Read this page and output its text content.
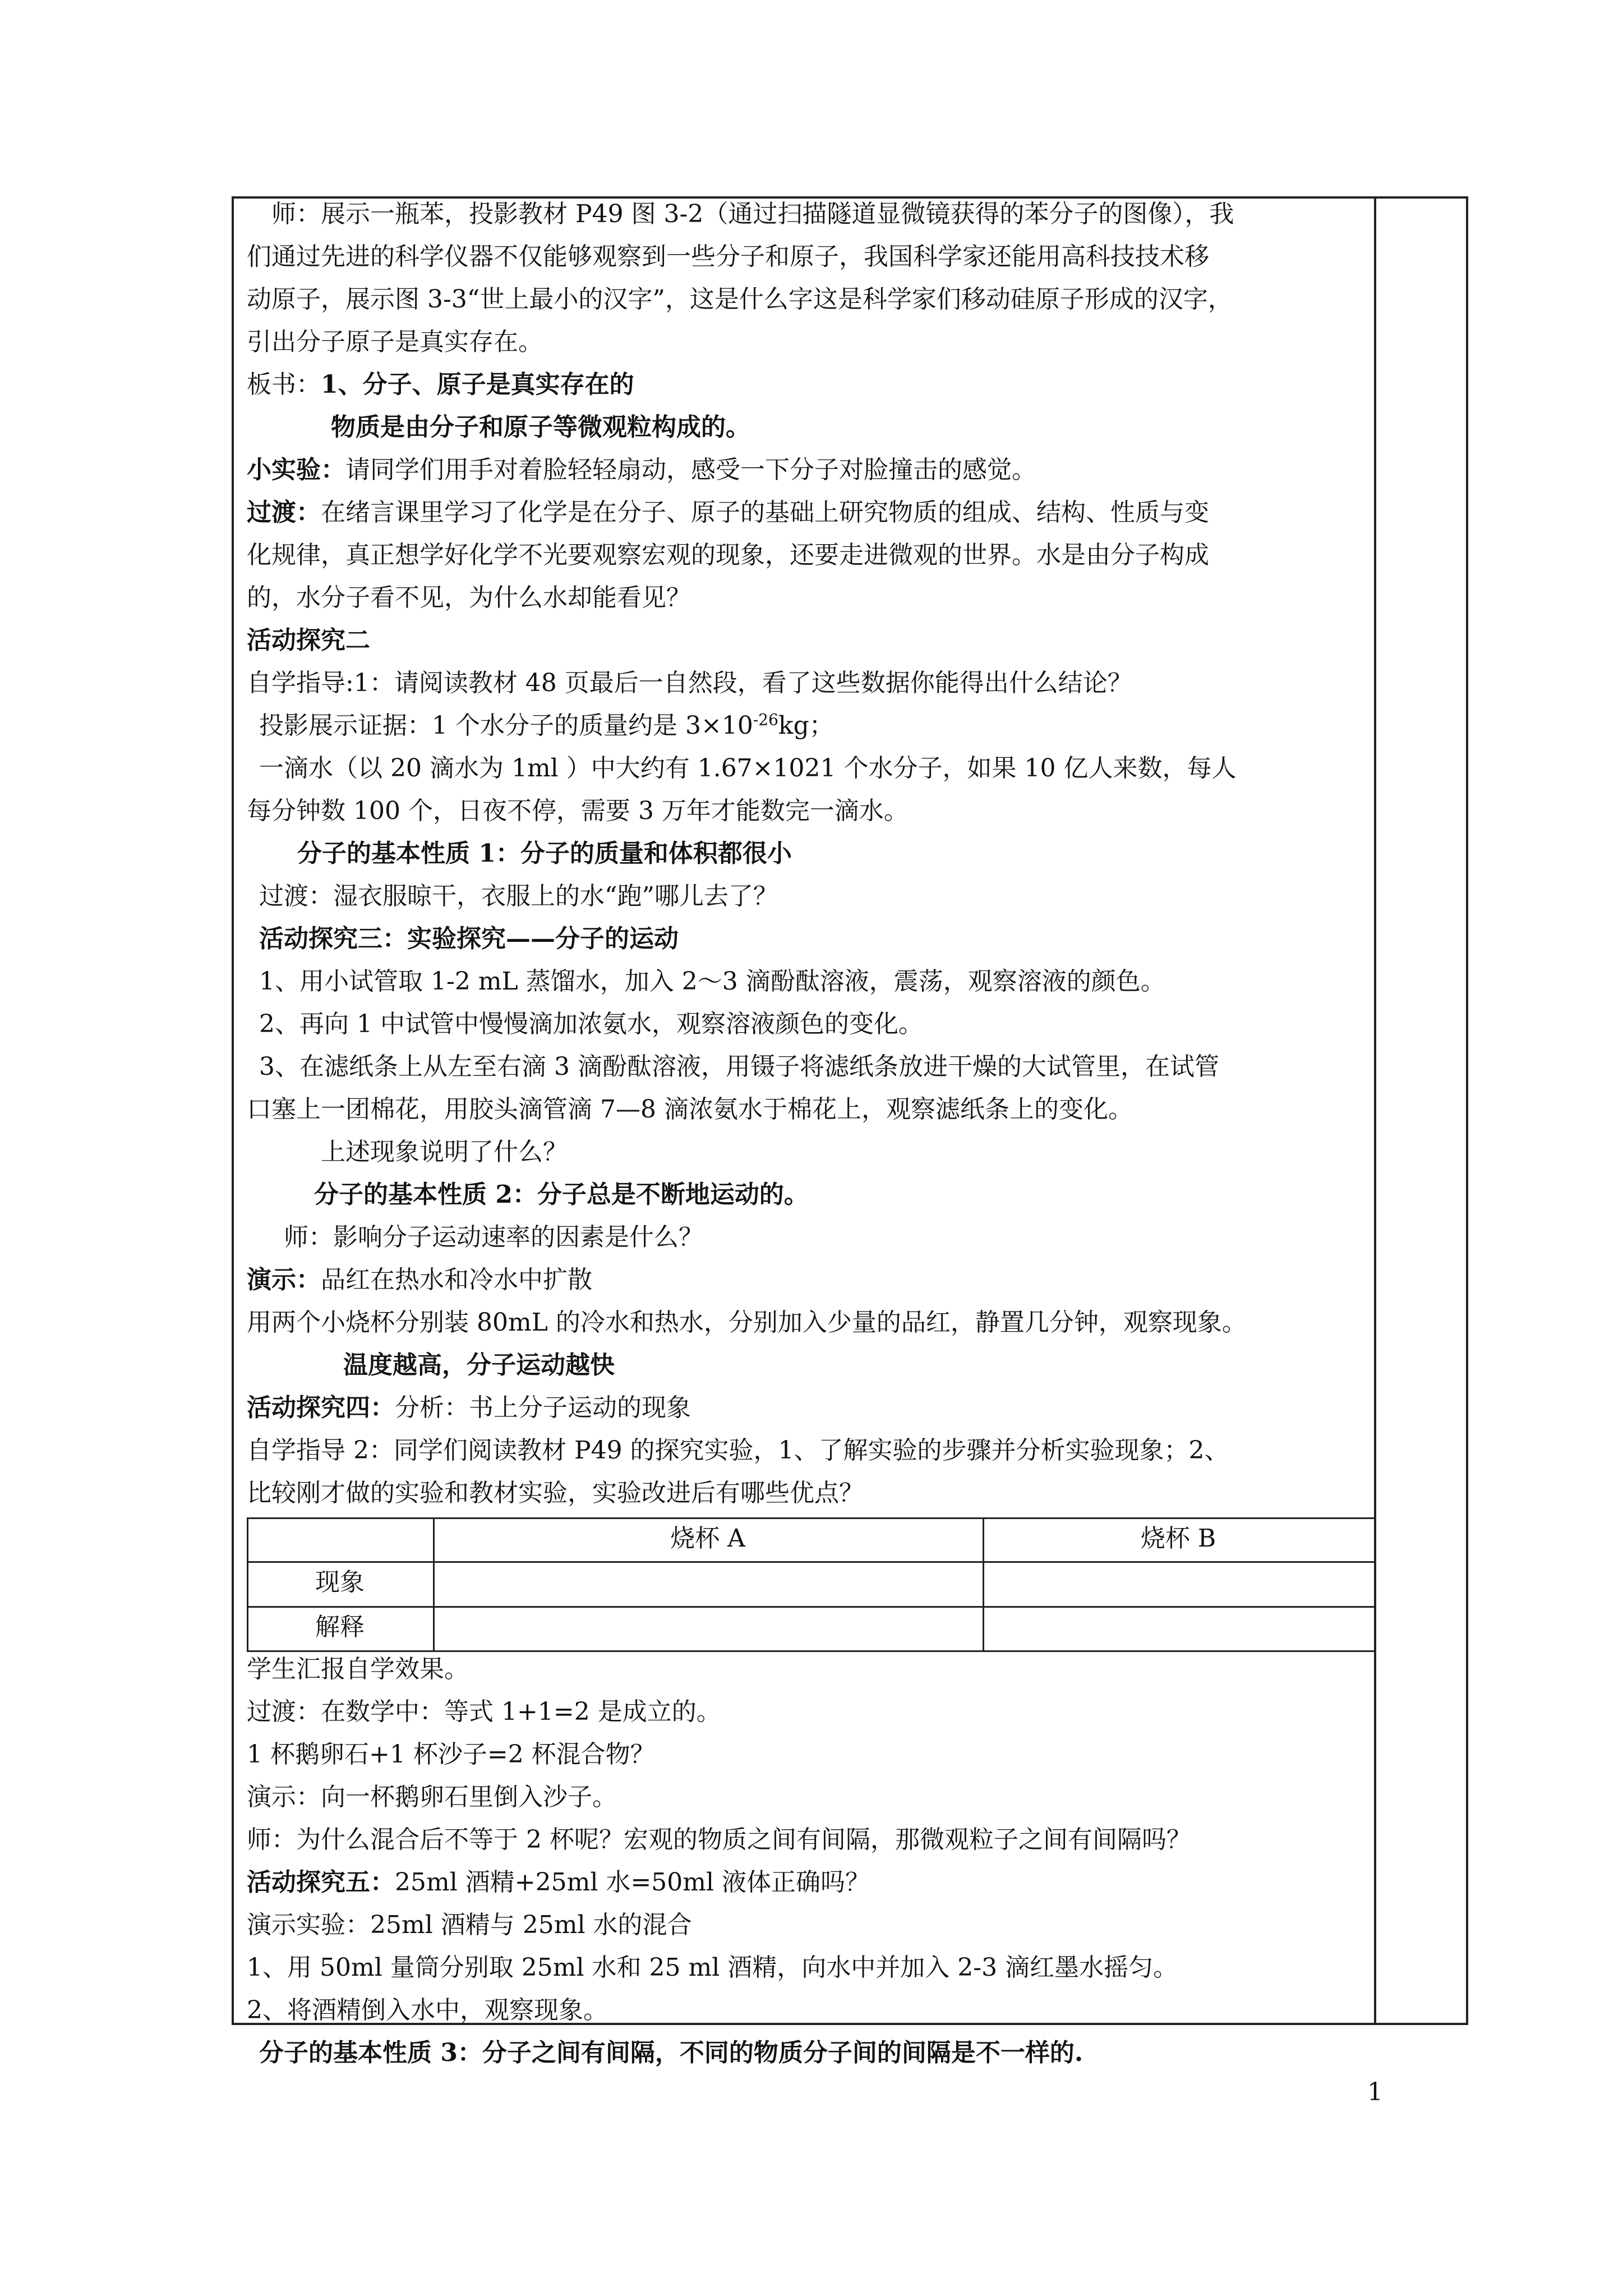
　师：展示一瓶苯，投影教材 P49 图 3-2（通过扫描隧道显微镜获得的苯分子的图像），我
们通过先进的科学仪器不仅能够观察到一些分子和原子，我国科学家还能用高科技技术移
动原子，展示图 3-3“世上最小的汉字”，这是什么字这是科学家们移动硅原子形成的汉字，
引出分子原子是真实存在。
板书：1、分子、原子是真实存在的
物质是由分子和原子等微观粒构成的。
小实验：请同学们用手对着脸轻轻扇动，感受一下分子对脸撞击的感觉。
过渡：在绪言课里学习了化学是在分子、原子的基础上研究物质的组成、结构、性质与变
化规律，真正想学好化学不光要观察宏观的现象，还要走进微观的世界。水是由分子构成
的，水分子看不见，为什么水却能看见？
活动探究二
自学指导:1：请阅读教材 48 页最后一自然段，看了这些数据你能得出什么结论？
投影展示证据：1 个水分子的质量约是 $3\times 10^{-26}kg$；
一滴水（以 20 滴水为 1ml ）中大约有 1.67×1021 个水分子，如果 10 亿人来数，每人
每分钟数 100 个，日夜不停，需要 3 万年才能数完一滴水。
分子的基本性质 1：分子的质量和体积都很小
过渡：湿衣服晾干，衣服上的水“跑”哪儿去了？
活动探究三：实验探究——分子的运动
1、用小试管取 1-2 mL 蒸馏水，加入 2～3 滴酚酞溶液，震荡，观察溶液的颜色。
2、再向 1 中试管中慢慢滴加浓氨水，观察溶液颜色的变化。
3、在滤纸条上从左至右滴 3 滴酚酞溶液，用镊子将滤纸条放进干燥的大试管里，在试管
口塞上一团棉花，用胶头滴管滴 7—8 滴浓氨水于棉花上，观察滤纸条上的变化。
上述现象说明了什么？
分子的基本性质 2：分子总是不断地运动的。
师：影响分子运动速率的因素是什么？
演示：品红在热水和冷水中扩散
用两个小烧杯分别装 80mL 的冷水和热水，分别加入少量的品红，静置几分钟，观察现象。
温度越高，分子运动越快
活动探究四：分析：书上分子运动的现象
自学指导 2：同学们阅读教材 P49 的探究实验，1、了解实验的步骤并分析实验现象；2、
比较刚才做的实验和教材实验，实验改进后有哪些优点？
学生汇报自学效果。
过渡：在数学中：等式 1+1=2 是成立的。
1 杯鹅卵石+1 杯沙子=2 杯混合物？
演示：向一杯鹅卵石里倒入沙子。
师：为什么混合后不等于 2 杯呢？宏观的物质之间有间隔，那微观粒子之间有间隔吗？
活动探究五：25ml 酒精+25ml 水=50ml 液体正确吗？
演示实验：25ml 酒精与 25ml 水的混合
1、用 50ml 量筒分别取 25ml 水和 25 ml 酒精，向水中并加入 2-3 滴红墨水摇匀。
2、将酒精倒入水中，观察现象。
分子的基本性质 3：分子之间有间隔，不同的物质分子间的间隔是不一样的.
烧杯 A	烧杯 B
现象
解释
1
